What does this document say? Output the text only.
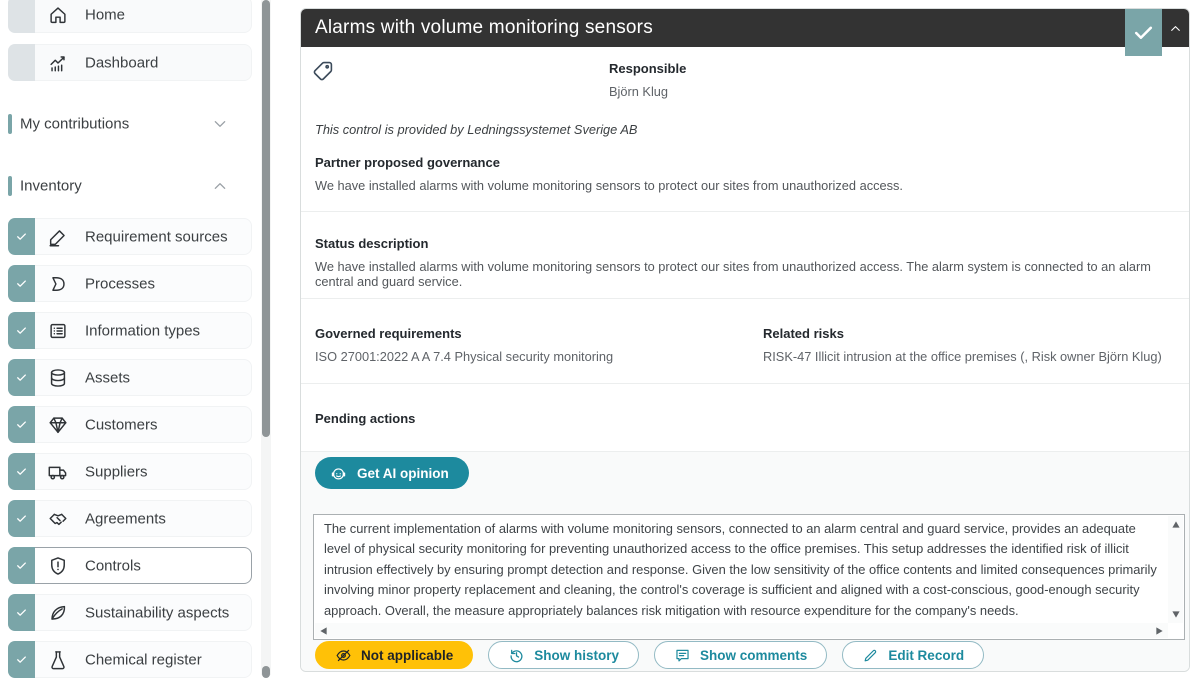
Home
Dashboard
My contributions
Inventory
Requirement sources
Processes
Information types
Assets
Customers
Suppliers
Agreements
Controls
Sustainability aspects
Chemical register
Alarms with volume monitoring sensors
Responsible
Björn Klug
This control is provided by Ledningssystemet Sverige AB
Partner proposed governance
We have installed alarms with volume monitoring sensors to protect our sites from unauthorized access.
Status description
We have installed alarms with volume monitoring sensors to protect our sites from unauthorized access. The alarm system is connected to an alarm central and guard service.
Governed requirements
ISO 27001:2022 A A 7.4 Physical security monitoring
Related risks
RISK-47 Illicit intrusion at the office premises (, Risk owner Björn Klug)
Pending actions
Get AI opinion
The current implementation of alarms with volume monitoring sensors, connected to an alarm central and guard service, provides an adequate level of physical security monitoring for preventing unauthorized access to the office premises. This setup addresses the identified risk of illicit intrusion effectively by ensuring prompt detection and response. Given the low sensitivity of the office contents and limited consequences primarily involving minor property replacement and cleaning, the control's coverage is sufficient and aligned with a cost-conscious, good-enough security approach. Overall, the measure appropriately balances risk mitigation with resource expenditure for the company's needs.
Not applicable	Show history	Show comments	Edit Record
